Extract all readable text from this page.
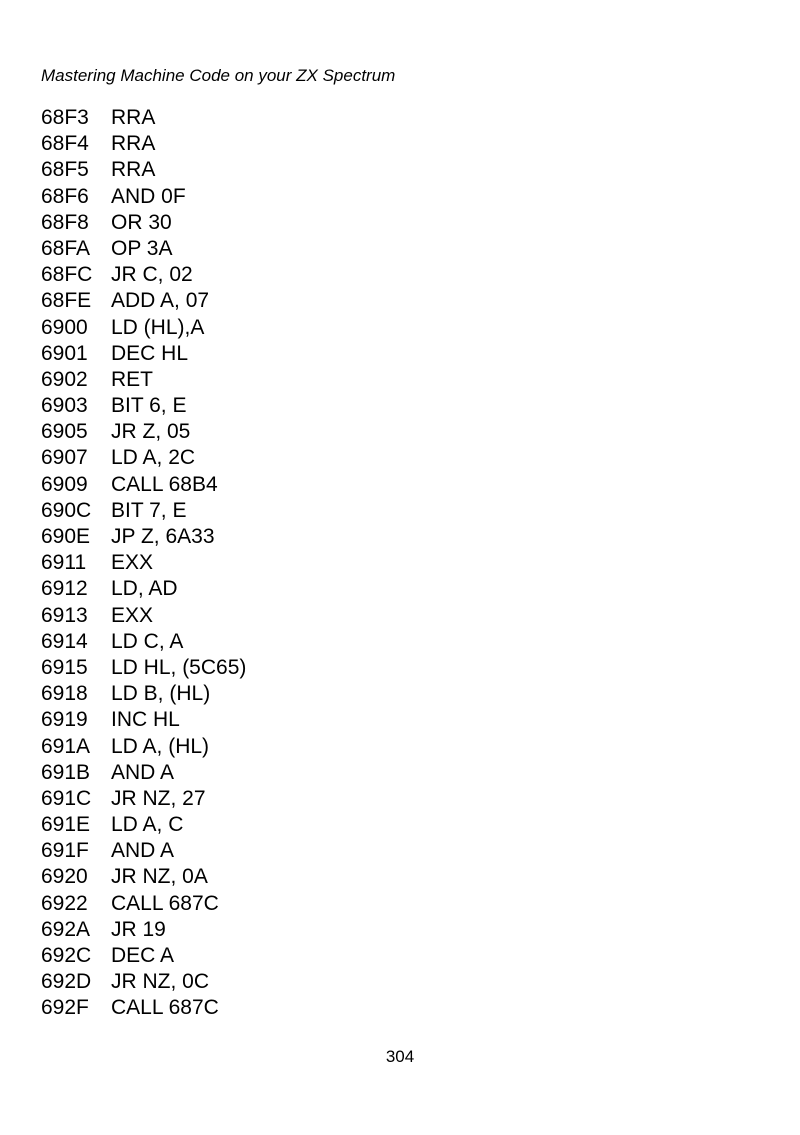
Mastering Machine Code on your ZX Spectrum
68F3	RRA
68F4	RRA
68F5	RRA
68F6	AND 0F
68F8	OR 30
68FA OP 3A
68FC JR C, 02
68FE ADD A, 07
6900	LD (HL),A
6901	DEC HL
6902	RET
6903	BIT 6, E
6905	JR Z, 05
6907	LD A, 2C
6909	CALL 68B4
690C BIT 7, E
690E JP Z, 6A33
6911	EXX
6912	LD, AD
6913	EXX
6914	LD C, A
6915	LD HL, (5C65)
6918	LD B, (HL)
6919	INC HL
691A LD A, (HL)
691B AND A
691C JR NZ, 27
691E LD A, C
691F	AND A
6920	JR NZ, 0A
6922	CALL 687C
692A JR 19
692C DEC A
692D JR NZ, 0C
692F	CALL 687C
304
